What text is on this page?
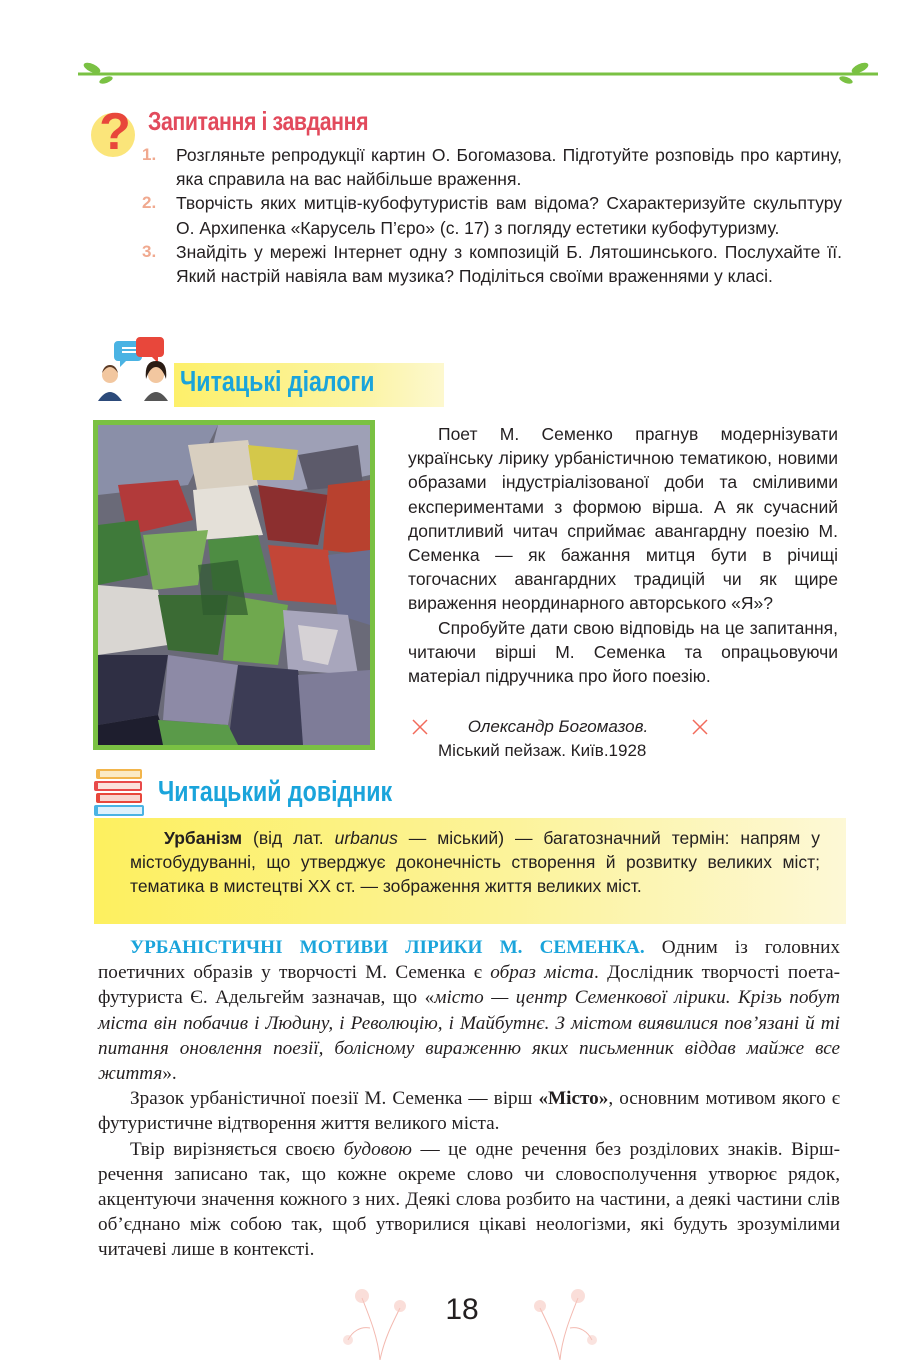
? Запитання і завдання
1. Розгляньте репродукції картин О. Богомазова. Підготуйте розповідь про картину, яка справила на вас найбільше враження.
2. Творчість яких митців-кубофутуристів вам відома? Схарактеризуйте скульптуру О. Архипенка «Карусель П’єро» (с. 17) з погляду естетики кубофутуризму.
3. Знайдіть у мережі Інтернет одну з композицій Б. Лятошинського. Послухайте її. Який настрій навіяла вам музика? Поділіться своїми враженнями у класі.
Читацькі діалоги

Поет М. Семенко прагнув модернізувати українську лірику урбаністичною тематикою, новими образами індустріалізованої доби та сміливими експериментами з формою вірша. А як сучасний допитливий читач сприймає авангардну поезію М. Семенка — як бажання митця бути в річищі тогочасних авангардних традицій чи як щире вираження неординарного авторського «Я»?

Спробуйте дати свою відповідь на це запитання, читаючи вірші М. Семенка та опрацьовуючи матеріал підручника про його поезію.

Олександр Богомазов.
Міський пейзаж. Київ.1928
Читацький довідник
Урбанізм (від лат. urbanus — міський) — багатозначний термін: напрям у містобудуванні, що утверджує доконечність створення й розвитку великих міст; тематика в мистецтві XX ст. — зображення життя великих міст.

УРБАНІСТИЧНІ МОТИВИ ЛІРИКИ М. СЕМЕНКА. Одним із головних поетичних образів у творчості М. Семенка є образ міста. Дослідник творчості поета-футуриста Є. Адельгейм зазначав, що «місто — центр Семенкової лірики. Крізь побут міста він побачив і Людину, і Революцію, і Майбутнє. З містом виявилися пов’язані й ті питання оновлення поезії, болісному вираженню яких письменник віддав майже все життя».

Зразок урбаністичної поезії М. Семенка — вірш «Місто», основним мотивом якого є футуристичне відтворення життя великого міста.

Твір вирізняється своєю будовою — це одне речення без розділових знаків. Вірш-речення записано так, що кожне окреме слово чи словосполучення утворює рядок, акцентуючи значення кожного з них. Деякі слова розбито на частини, а деякі частини слів об’єднано між собою так, щоб утворилися цікаві неологізми, які будуть зрозумілими читачеві лише в контексті.

18
